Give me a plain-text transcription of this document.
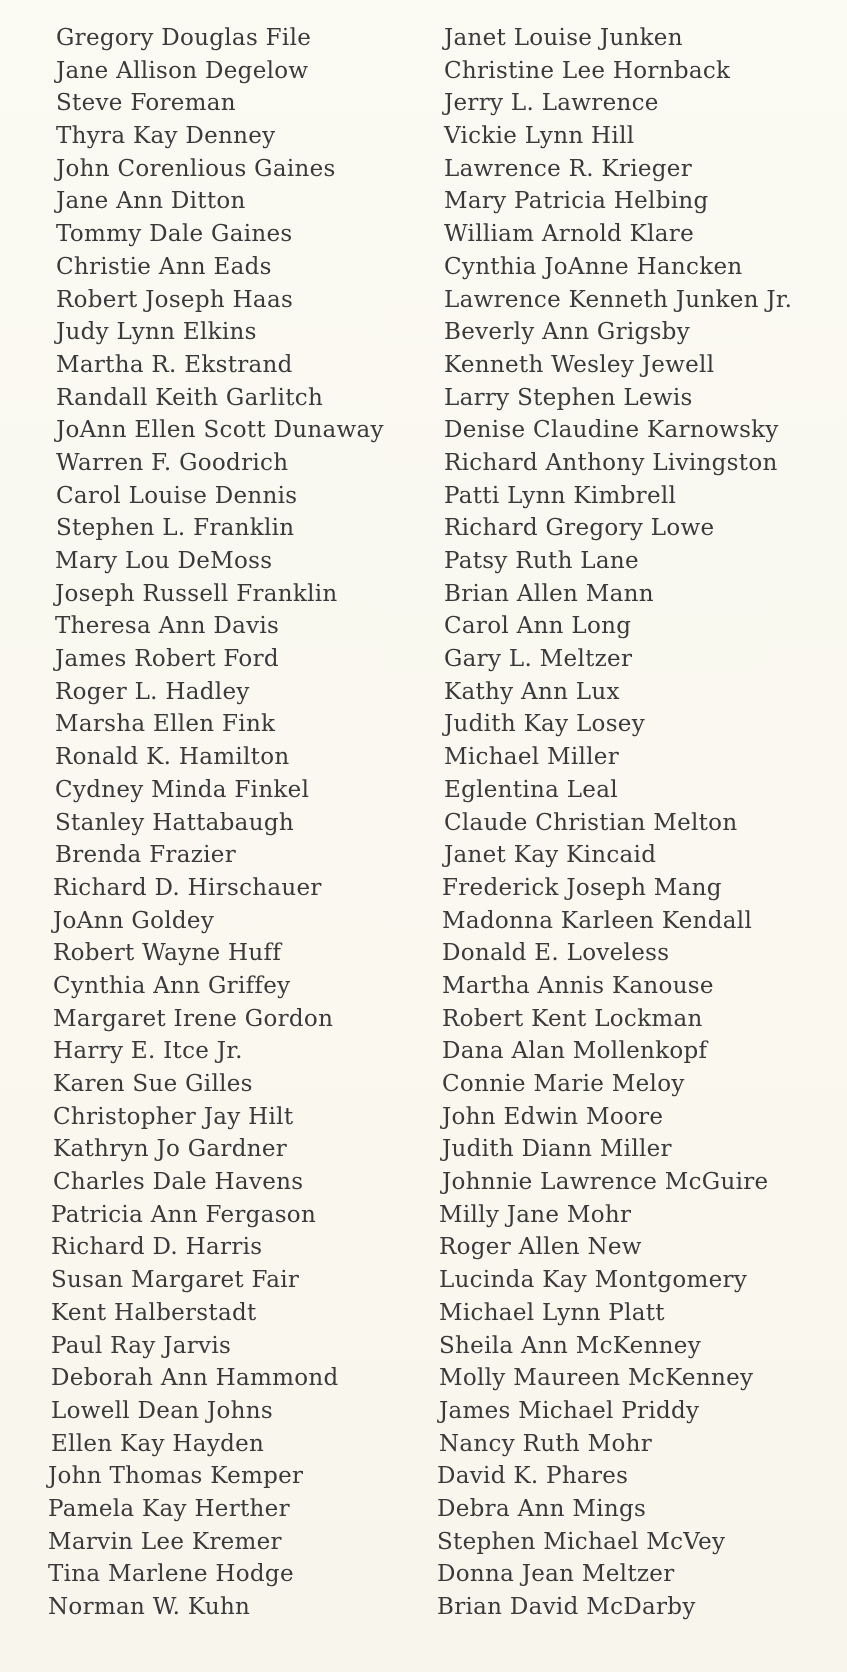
Gregory Douglas File
Jane Allison Degelow
Steve Foreman
Thyra Kay Denney
John Corenlious Gaines
Jane Ann Ditton
Tommy Dale Gaines
Christie Ann Eads
Robert Joseph Haas
Judy Lynn Elkins
Martha R. Ekstrand
Randall Keith Garlitch
JoAnn Ellen Scott Dunaway
Warren F. Goodrich
Carol Louise Dennis
Stephen L. Franklin
Mary Lou DeMoss
Joseph Russell Franklin
Theresa Ann Davis
James Robert Ford
Roger L. Hadley
Marsha Ellen Fink
Ronald K. Hamilton
Cydney Minda Finkel
Stanley Hattabaugh
Brenda Frazier
Richard D. Hirschauer
JoAnn Goldey
Robert Wayne Huff
Cynthia Ann Griffey
Margaret Irene Gordon
Harry E. Itce Jr.
Karen Sue Gilles
Christopher Jay Hilt
Kathryn Jo Gardner
Charles Dale Havens
Patricia Ann Fergason
Richard D. Harris
Susan Margaret Fair
Kent Halberstadt
Paul Ray Jarvis
Deborah Ann Hammond
Lowell Dean Johns
Ellen Kay Hayden
John Thomas Kemper
Pamela Kay Herther
Marvin Lee Kremer
Tina Marlene Hodge
Norman W. Kuhn
Janet Louise Junken
Christine Lee Hornback
Jerry L. Lawrence
Vickie Lynn Hill
Lawrence R. Krieger
Mary Patricia Helbing
William Arnold Klare
Cynthia JoAnne Hancken
Lawrence Kenneth Junken Jr.
Beverly Ann Grigsby
Kenneth Wesley Jewell
Larry Stephen Lewis
Denise Claudine Karnowsky
Richard Anthony Livingston
Patti Lynn Kimbrell
Richard Gregory Lowe
Patsy Ruth Lane
Brian Allen Mann
Carol Ann Long
Gary L. Meltzer
Kathy Ann Lux
Judith Kay Losey
Michael Miller
Eglentina Leal
Claude Christian Melton
Janet Kay Kincaid
Frederick Joseph Mang
Madonna Karleen Kendall
Donald E. Loveless
Martha Annis Kanouse
Robert Kent Lockman
Dana Alan Mollenkopf
Connie Marie Meloy
John Edwin Moore
Judith Diann Miller
Johnnie Lawrence McGuire
Milly Jane Mohr
Roger Allen New
Lucinda Kay Montgomery
Michael Lynn Platt
Sheila Ann McKenney
Molly Maureen McKenney
James Michael Priddy
Nancy Ruth Mohr
David K. Phares
Debra Ann Mings
Stephen Michael McVey
Donna Jean Meltzer
Brian David McDarby
